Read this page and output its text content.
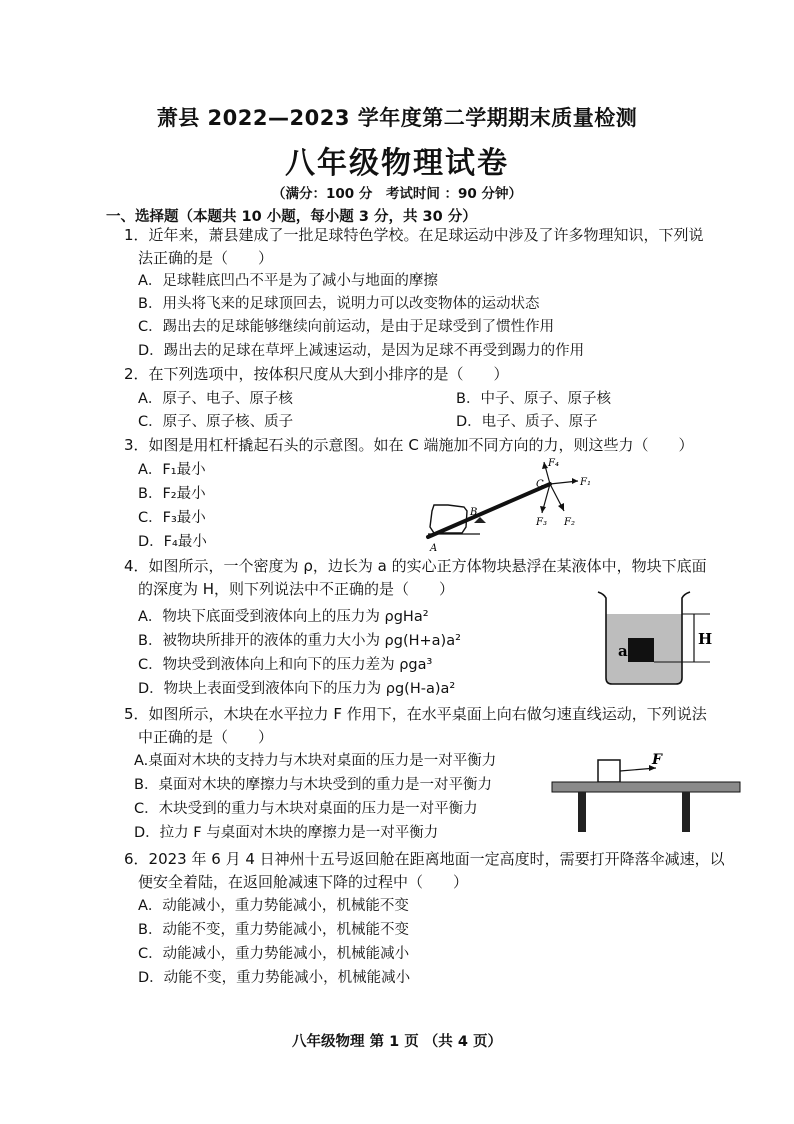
萧县 2022—2023 学年度第二学期期末质量检测
八年级物理试卷
（满分：100 分　考试时间 ：90 分钟）
一、选择题（本题共 10 小题，每小题 3 分，共 30 分）
1．近年来，萧县建成了一批足球特色学校。在足球运动中涉及了许多物理知识，下列说
法正确的是（　　）
A．足球鞋底凹凸不平是为了减小与地面的摩擦
B．用头将飞来的足球顶回去，说明力可以改变物体的运动状态
C．踢出去的足球能够继续向前运动，是由于足球受到了惯性作用
D．踢出去的足球在草坪上减速运动，是因为足球不再受到踢力的作用
2．在下列选项中，按体积尺度从大到小排序的是（　　）
A．原子、电子、原子核	B．中子、原子、原子核
C．原子、原子核、质子	D．电子、质子、原子
3．如图是用杠杆撬起石头的示意图。如在 C 端施加不同方向的力，则这些力（　　）
A．F₁最小
B．F₂最小
C．F₃最小
D．F₄最小	A
B
C	F₁
F₂
F₃
F₄
4．如图所示，一个密度为 ρ，边长为 a 的实心正方体物块悬浮在某液体中，物块下底面
的深度为 H，则下列说法中不正确的是（　　）
A．物块下底面受到液体向上的压力为 ρgHa²
B．被物块所排开的液体的重力大小为 ρg(H+a)a²
C．物块受到液体向上和向下的压力差为 ρga³
D．物块上表面受到液体向下的压力为 ρg(H-a)a²
a
H
5．如图所示，木块在水平拉力 F 作用下，在水平桌面上向右做匀速直线运动，下列说法
中正确的是（　　）
A.桌面对木块的支持力与木块对桌面的压力是一对平衡力
B．桌面对木块的摩擦力与木块受到的重力是一对平衡力
C．木块受到的重力与木块对桌面的压力是一对平衡力
D．拉力 F 与桌面对木块的摩擦力是一对平衡力
F
6．2023 年 6 月 4 日神州十五号返回舱在距离地面一定高度时，需要打开降落伞减速，以
便安全着陆，在返回舱减速下降的过程中（　　）
A．动能减小，重力势能减小，机械能不变
B．动能不变，重力势能减小，机械能不变
C．动能减小，重力势能减小，机械能减小
D．动能不变，重力势能减小，机械能减小
八年级物理 第 1 页 （共 4 页）
